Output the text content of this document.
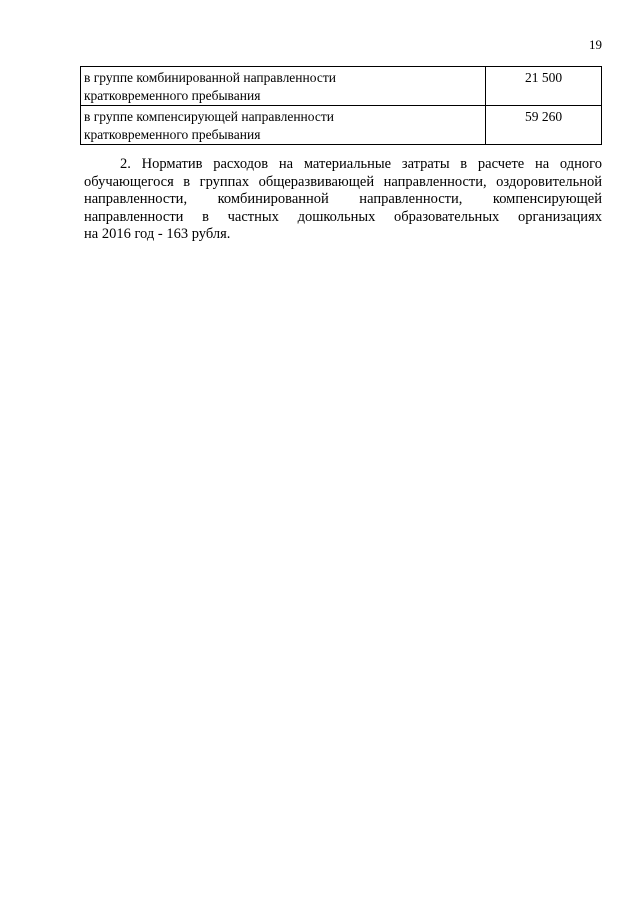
19
в группе комбинированной направленности
кратковременного пребывания	21 500

в группе компенсирующей направленности
кратковременного пребывания	59 260

2. Норматив расходов на материальные затраты в расчете на одного
обучающегося в группах общеразвивающей направленности, оздоровительной
направленности, комбинированной направленности, компенсирующей
направленности в частных дошкольных образовательных организациях
на 2016 год - 163 рубля.
